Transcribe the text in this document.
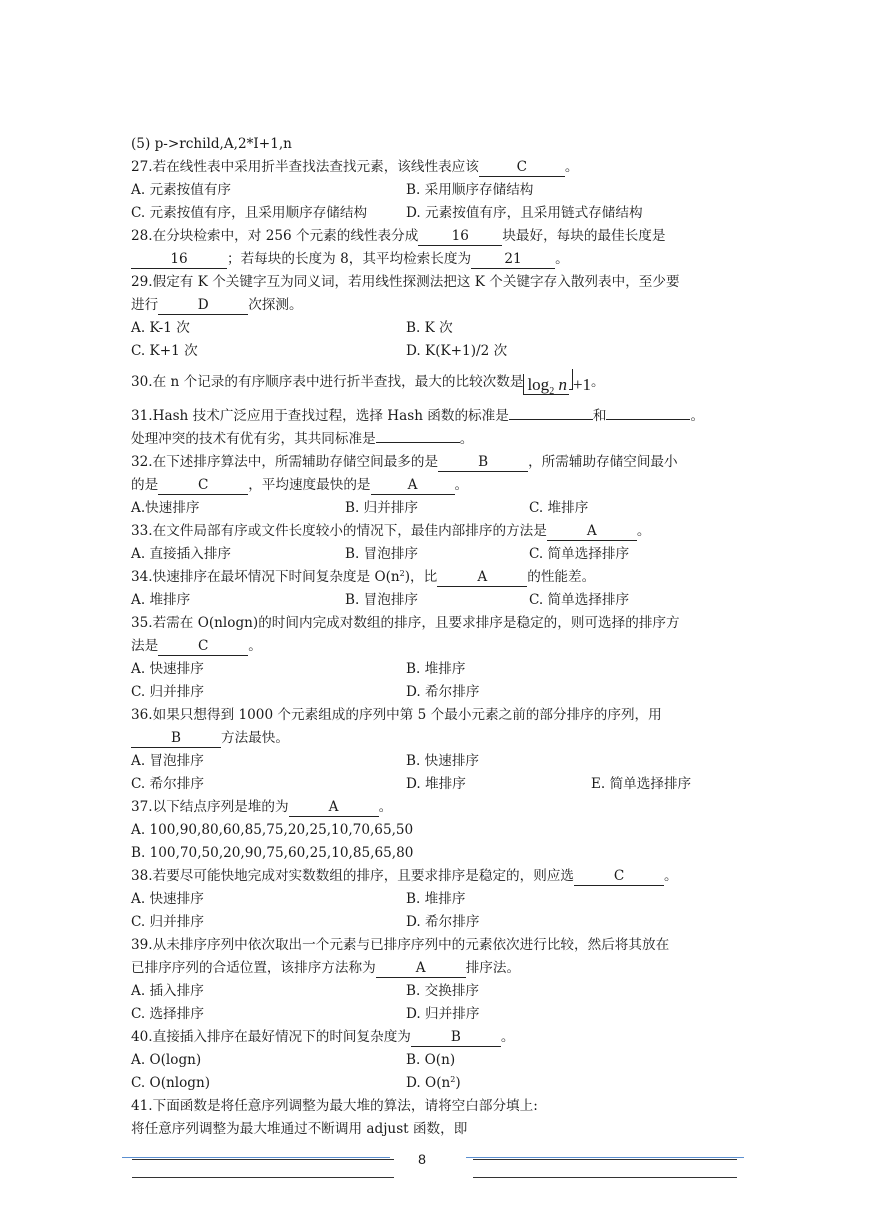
(5) p->rchild,A,2*I+1,n
27.若在线性表中采用折半查找法查找元素，该线性表应该	C	。
A. 元素按值有序	B. 采用顺序存储结构
C. 元素按值有序，且采用顺序存储结构	D. 元素按值有序，且采用链式存储结构
28.在分块检索中，对 256 个元素的线性表分成 16 块最好，每块的最佳长度是
16	；若每块的长度为 8，其平均检索长度为 21 。
29.假定有 K 个关键字互为同义词，若用线性探测法把这 K 个关键字存入散列表中，至少要
进行	D	次探测。
A. K-1 次	B. K 次
C. K+1 次	D. K(K+1)/2 次
30.在 n 个记录的有序顺序表中进行折半查找，最大的比较次数是 $\log_2 n +1$。
31.Hash 技术广泛应用于查找过程，选择 Hash 函数的标准是	和	。
处理冲突的技术有优有劣，其共同标准是	。
32.在下述排序算法中，所需辅助存储空间最多的是	B	，所需辅助存储空间最小
的是	C	，平均速度最快的是	A	。
A.快速排序	B. 归并排序	C. 堆排序
33.在文件局部有序或文件长度较小的情况下，最佳内部排序的方法是	A	。
A. 直接插入排序	B. 冒泡排序	C. 简单选择排序
34.快速排序在最坏情况下时间复杂度是 $O(n^2)$，比	A	的性能差。
A. 堆排序	B. 冒泡排序	C. 简单选择排序
35.若需在 O(nlogn)的时间内完成对数组的排序，且要求排序是稳定的，则可选择的排序方
法是	C	。
A. 快速排序	B. 堆排序
C. 归并排序	D. 希尔排序
36.如果只想得到 1000 个元素组成的序列中第 5 个最小元素之前的部分排序的序列，用
B	方法最快。
A. 冒泡排序	B. 快速排序
C. 希尔排序	D. 堆排序	E. 简单选择排序
37.以下结点序列是堆的为	A	。
A. 100,90,80,60,85,75,20,25,10,70,65,50
B. 100,70,50,20,90,75,60,25,10,85,65,80
38.若要尽可能快地完成对实数数组的排序，且要求排序是稳定的，则应选	C	。
A. 快速排序	B. 堆排序
C. 归并排序	D. 希尔排序
39.从未排序序列中依次取出一个元素与已排序序列中的元素依次进行比较，然后将其放在
已排序序列的合适位置，该排序方法称为	A	排序法。
A. 插入排序	B. 交换排序
C. 选择排序	D. 归并排序
40.直接插入排序在最好情况下的时间复杂度为	B	。
A. O(logn)	B. O(n)
C. O(nlogn)	D. $O(n^2)$
41.下面函数是将任意序列调整为最大堆的算法，请将空白部分填上:
将任意序列调整为最大堆通过不断调用 adjust 函数，即
8
